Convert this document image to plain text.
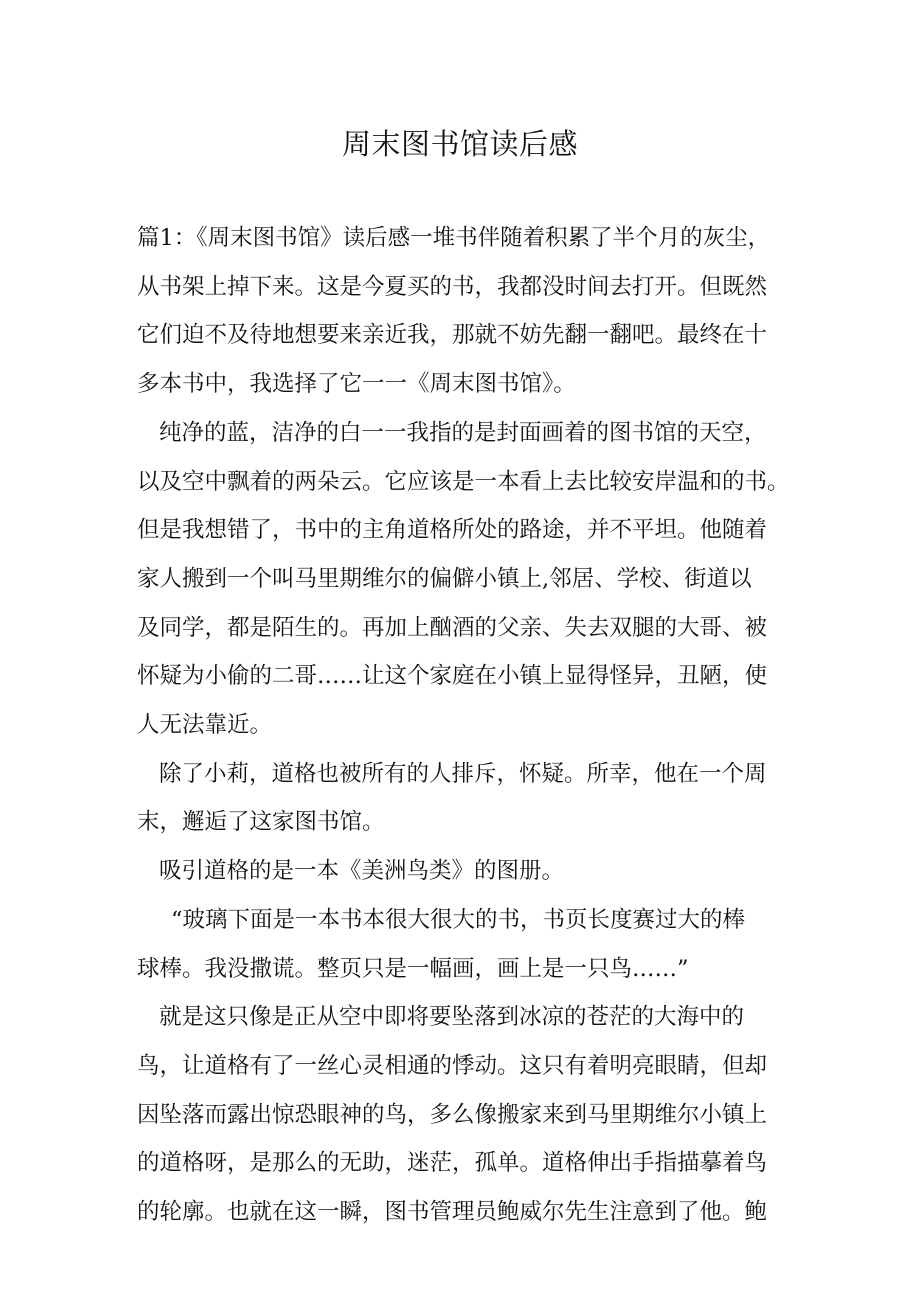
周末图书馆读后感

篇1：《周末图书馆》读后感一堆书伴随着积累了半个月的灰尘，
从书架上掉下来。这是今夏买的书，我都没时间去打开。但既然
它们迫不及待地想要来亲近我，那就不妨先翻一翻吧。最终在十
多本书中，我选择了它一一《周末图书馆》。

纯净的蓝，洁净的白一一我指的是封面画着的图书馆的天空，
以及空中飘着的两朵云。它应该是一本看上去比较安岸温和的书。
但是我想错了，书中的主角道格所处的路途，并不平坦。他随着
家人搬到一个叫马里期维尔的偏僻小镇上,邻居、学校、街道以
及同学，都是陌生的。再加上酗酒的父亲、失去双腿的大哥、被
怀疑为小偷的二哥……让这个家庭在小镇上显得怪异，丑陋，使
人无法靠近。

除了小莉，道格也被所有的人排斥，怀疑。所幸，他在一个周
末，邂逅了这家图书馆。

吸引道格的是一本《美洲鸟类》的图册。

“玻璃下面是一本书本很大很大的书，书页长度赛过大的棒
球棒。我没撒谎。整页只是一幅画，画上是一只鸟……”

就是这只像是正从空中即将要坠落到冰凉的苍茫的大海中的
鸟，让道格有了一丝心灵相通的悸动。这只有着明亮眼睛，但却
因坠落而露出惊恐眼神的鸟，多么像搬家来到马里期维尔小镇上
的道格呀，是那么的无助，迷茫，孤单。道格伸出手指描摹着鸟
的轮廓。也就在这一瞬，图书管理员鲍威尔先生注意到了他。鲍
